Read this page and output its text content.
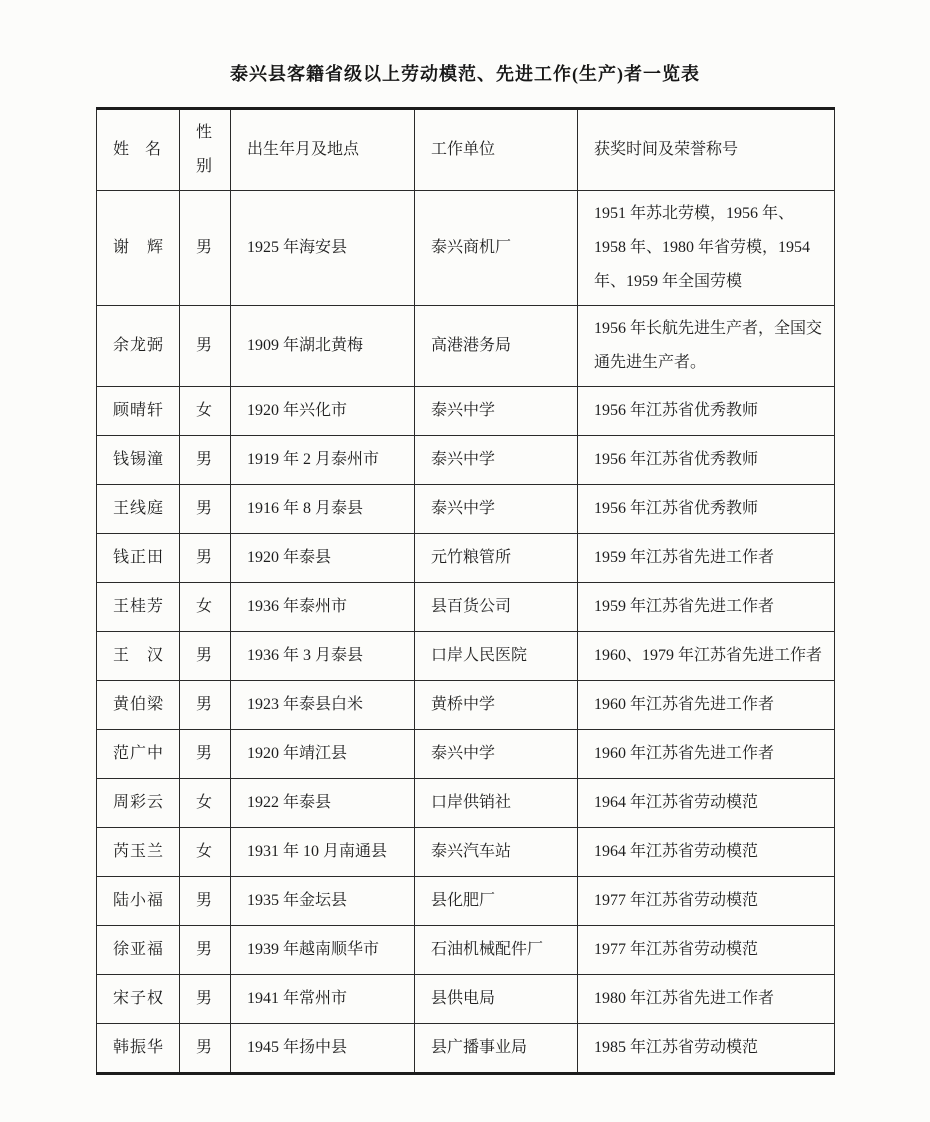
泰兴县客籍省级以上劳动模范、先进工作(生产)者一览表
姓　名	性别	出生年月及地点	工作单位	获奖时间及荣誉称号
谢　辉	男	1925 年海安县	泰兴商机厂	1951 年苏北劳模，1956 年、1958 年、1980 年省劳模，1954 年、1959 年全国劳模
余龙弼	男	1909 年湖北黄梅	高港港务局	1956 年长航先进生产者，全国交通先进生产者。
顾晴轩	女	1920 年兴化市	泰兴中学	1956 年江苏省优秀教师
钱锡潼	男	1919 年 2 月泰州市	泰兴中学	1956 年江苏省优秀教师
王线庭	男	1916 年 8 月泰县	泰兴中学	1956 年江苏省优秀教师
钱正田	男	1920 年泰县	元竹粮管所	1959 年江苏省先进工作者
王桂芳	女	1936 年泰州市	县百货公司	1959 年江苏省先进工作者
王　汉	男	1936 年 3 月泰县	口岸人民医院	1960、1979 年江苏省先进工作者
黄伯梁	男	1923 年泰县白米	黄桥中学	1960 年江苏省先进工作者
范广中	男	1920 年靖江县	泰兴中学	1960 年江苏省先进工作者
周彩云	女	1922 年泰县	口岸供销社	1964 年江苏省劳动模范
芮玉兰	女	1931 年 10 月南通县	泰兴汽车站	1964 年江苏省劳动模范
陆小福	男	1935 年金坛县	县化肥厂	1977 年江苏省劳动模范
徐亚福	男	1939 年越南顺华市	石油机械配件厂	1977 年江苏省劳动模范
宋子权	男	1941 年常州市	县供电局	1980 年江苏省先进工作者
韩振华	男	1945 年扬中县	县广播事业局	1985 年江苏省劳动模范
